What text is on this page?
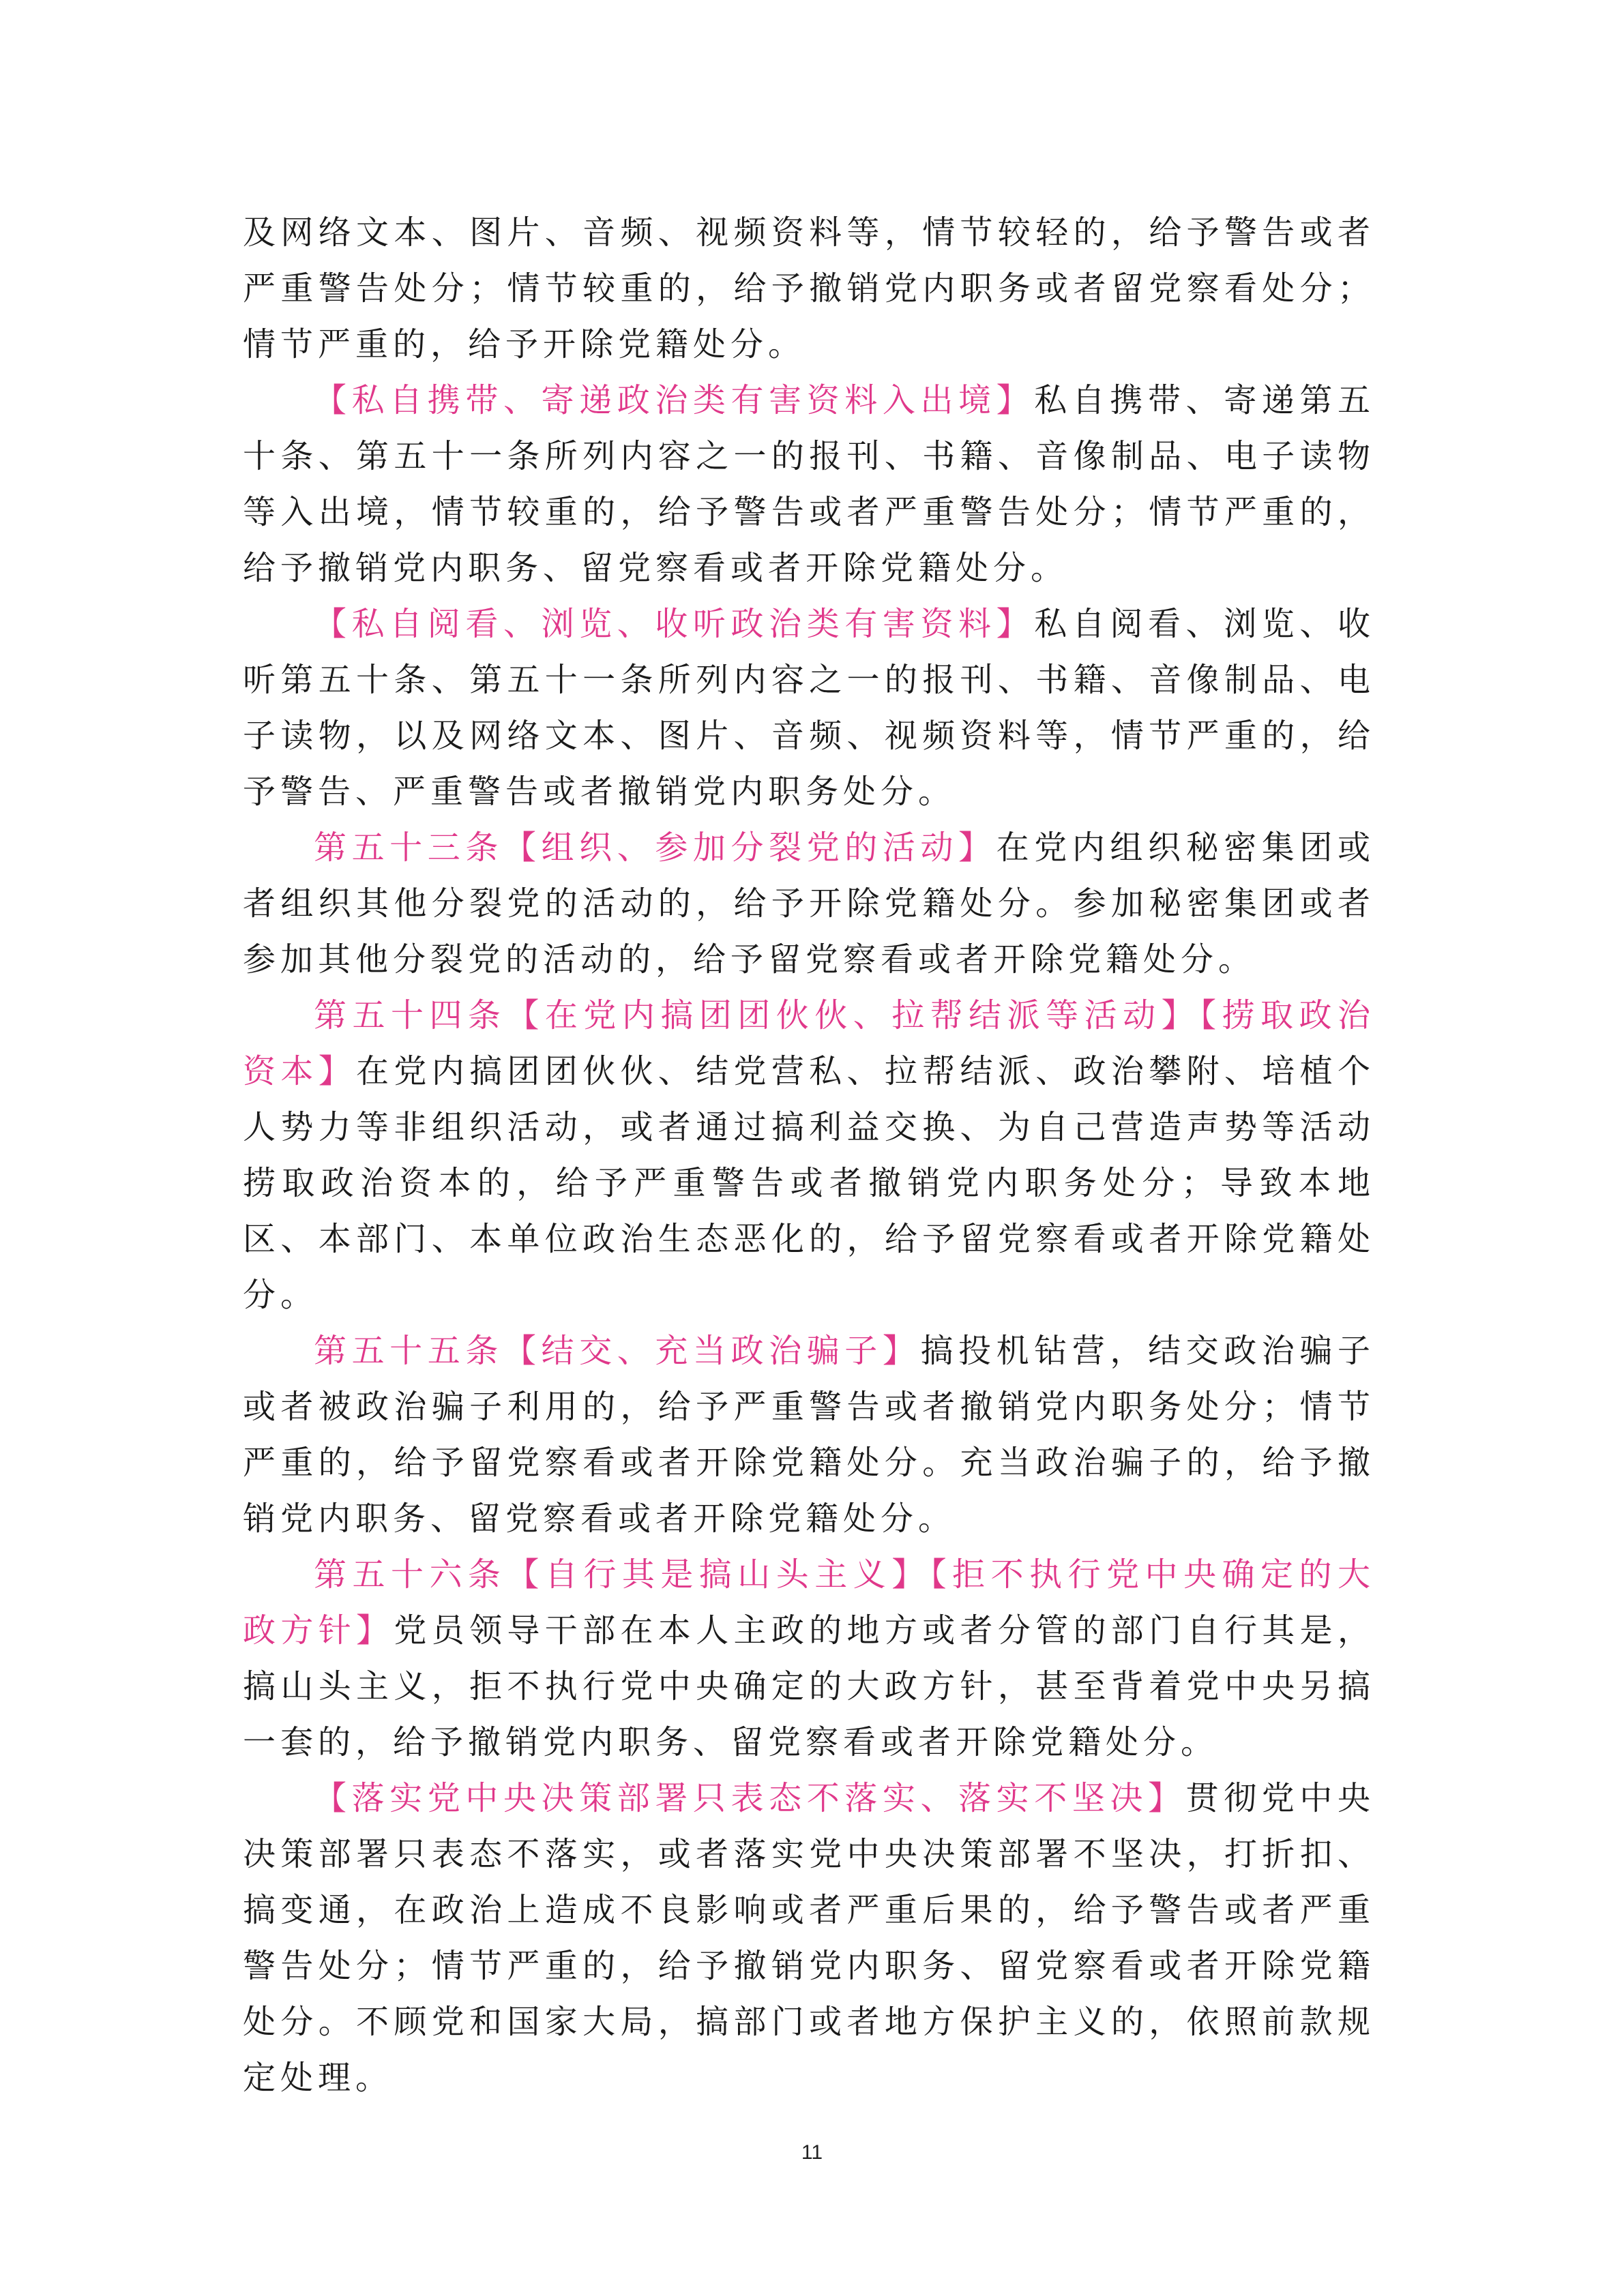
及网络文本、图片、音频、视频资料等，情节较轻的，给予警告或者严重警告处分；情节较重的，给予撤销党内职务或者留党察看处分；情节严重的，给予开除党籍处分。

【私自携带、寄递政治类有害资料入出境】私自携带、寄递第五十条、第五十一条所列内容之一的报刊、书籍、音像制品、电子读物等入出境，情节较重的，给予警告或者严重警告处分；情节严重的，给予撤销党内职务、留党察看或者开除党籍处分。

【私自阅看、浏览、收听政治类有害资料】私自阅看、浏览、收听第五十条、第五十一条所列内容之一的报刊、书籍、音像制品、电子读物，以及网络文本、图片、音频、视频资料等，情节严重的，给予警告、严重警告或者撤销党内职务处分。

第五十三条【组织、参加分裂党的活动】在党内组织秘密集团或者组织其他分裂党的活动的，给予开除党籍处分。参加秘密集团或者参加其他分裂党的活动的，给予留党察看或者开除党籍处分。

第五十四条【在党内搞团团伙伙、拉帮结派等活动】【捞取政治资本】在党内搞团团伙伙、结党营私、拉帮结派、政治攀附、培植个人势力等非组织活动，或者通过搞利益交换、为自己营造声势等活动捞取政治资本的，给予严重警告或者撤销党内职务处分；导致本地区、本部门、本单位政治生态恶化的，给予留党察看或者开除党籍处分。

第五十五条【结交、充当政治骗子】搞投机钻营，结交政治骗子或者被政治骗子利用的，给予严重警告或者撤销党内职务处分；情节严重的，给予留党察看或者开除党籍处分。充当政治骗子的，给予撤销党内职务、留党察看或者开除党籍处分。

第五十六条【自行其是搞山头主义】【拒不执行党中央确定的大政方针】党员领导干部在本人主政的地方或者分管的部门自行其是，搞山头主义，拒不执行党中央确定的大政方针，甚至背着党中央另搞一套的，给予撤销党内职务、留党察看或者开除党籍处分。

【落实党中央决策部署只表态不落实、落实不坚决】贯彻党中央决策部署只表态不落实，或者落实党中央决策部署不坚决，打折扣、搞变通，在政治上造成不良影响或者严重后果的，给予警告或者严重警告处分；情节严重的，给予撤销党内职务、留党察看或者开除党籍处分。不顾党和国家大局，搞部门或者地方保护主义的，依照前款规定处理。

11
